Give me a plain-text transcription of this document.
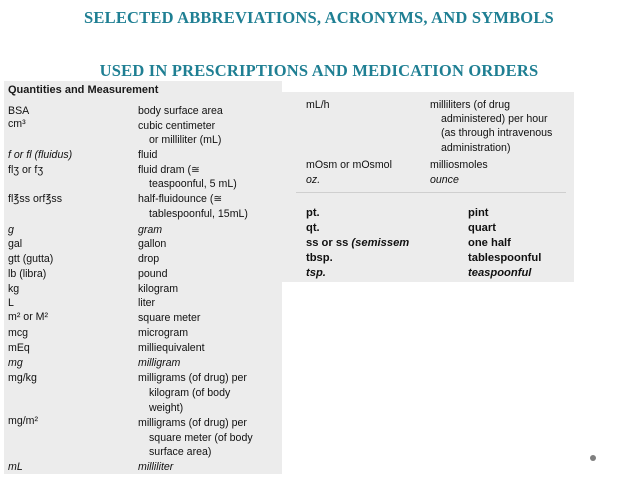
SELECTED ABBREVIATIONS, ACRONYMS, AND SYMBOLS
USED IN PRESCRIPTIONS AND MEDICATION ORDERS
Quantities and Measurement
BSA	body surface area
cm³	cubic centimeter
or milliliter (mL)
f or fl (fluidus)	fluid
flʒ or fʒ	fluid dram (≅
teaspoonful, 5 mL)
fl℥ss orf℥ss	half-fluidounce (≅
tablespoonful, 15mL)
g	gram
gal	gallon
gtt (gutta)	drop
lb (libra)	pound
kg	kilogram
L	liter
m² or M²	square meter
mcg	microgram
mEq	milliequivalent
mg	milligram
mg/kg	milligrams (of drug) per
kilogram (of body
weight)
mg/m²	milligrams (of drug) per
square meter (of body
surface area)
mL	milliliter
mL/h	milliliters (of drug
administered) per hour
(as through intravenous
administration)
mOsm or mOsmol	milliosmoles
oz.	ounce
pt.	pint
qt.	quart
ss or ss (semissem	one half
tbsp.	tablespoonful
tsp.	teaspoonful
